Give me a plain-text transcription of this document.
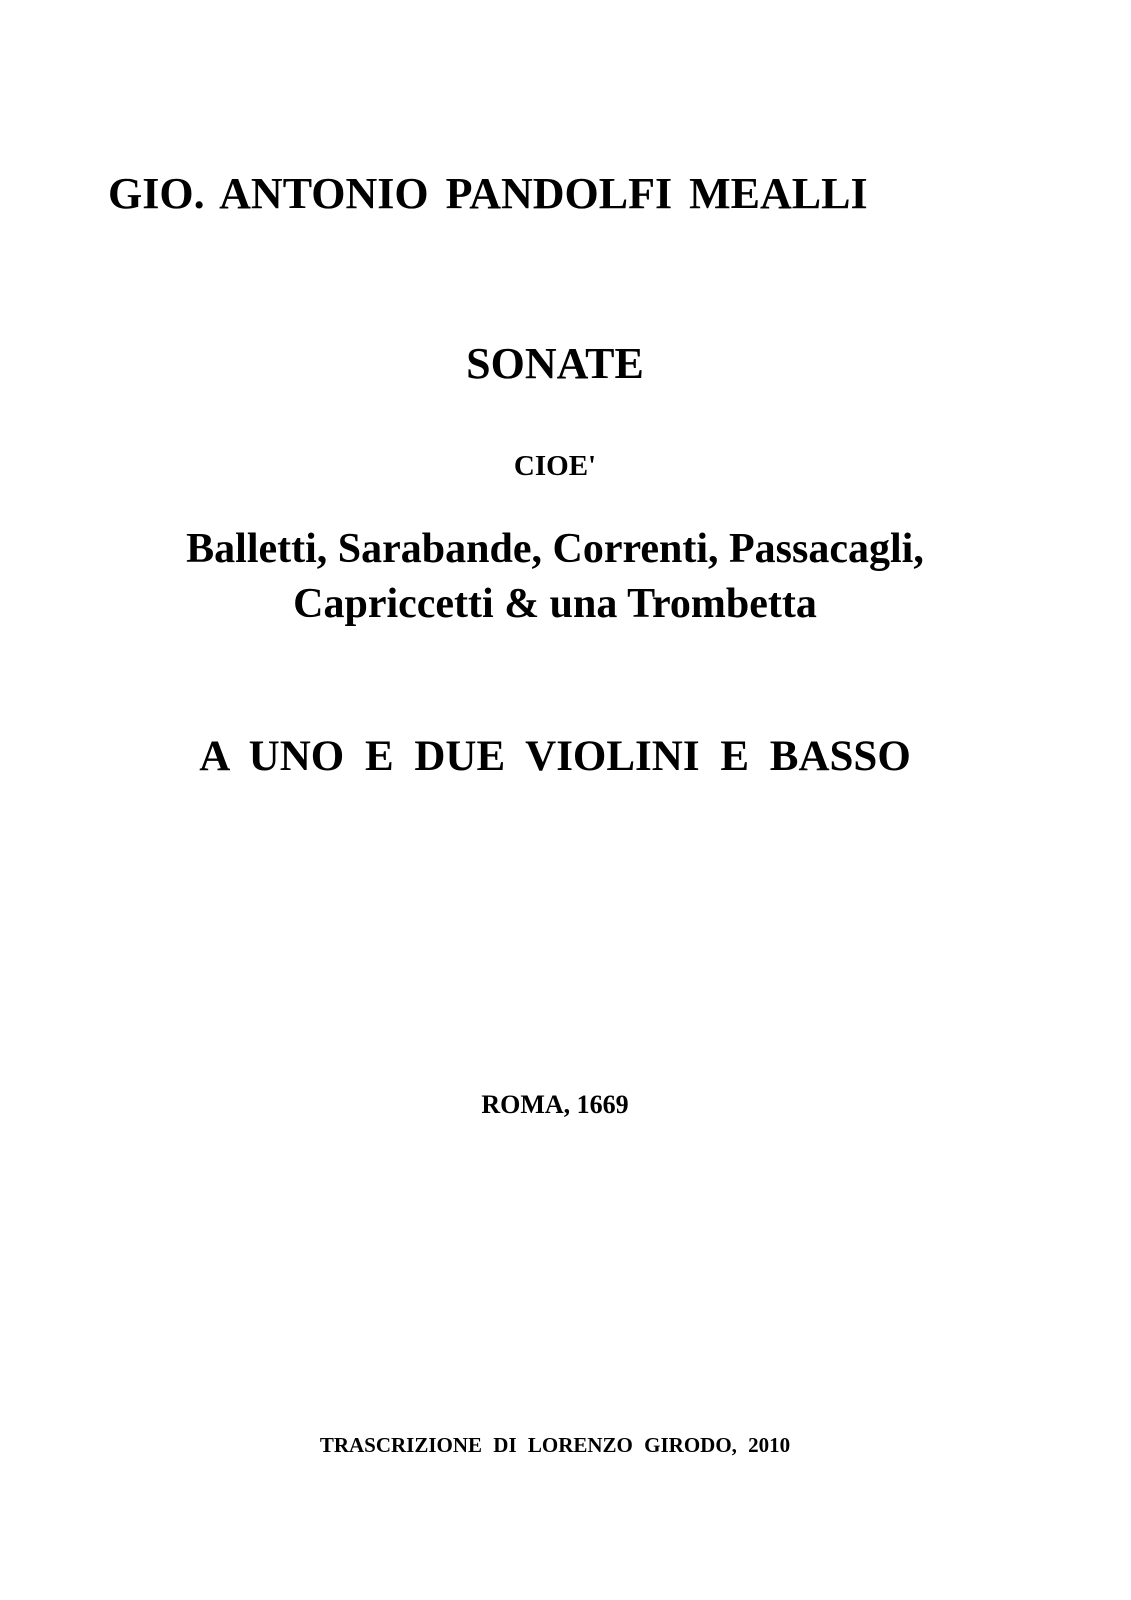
GIO. ANTONIO PANDOLFI MEALLI
SONATE

CIOE'

Balletti, Sarabande, Correnti, Passacagli,

Capriccetti & una Trombetta

A UNO E DUE VIOLINI E BASSO

ROMA, 1669

TRASCRIZIONE DI LORENZO GIRODO, 2010
